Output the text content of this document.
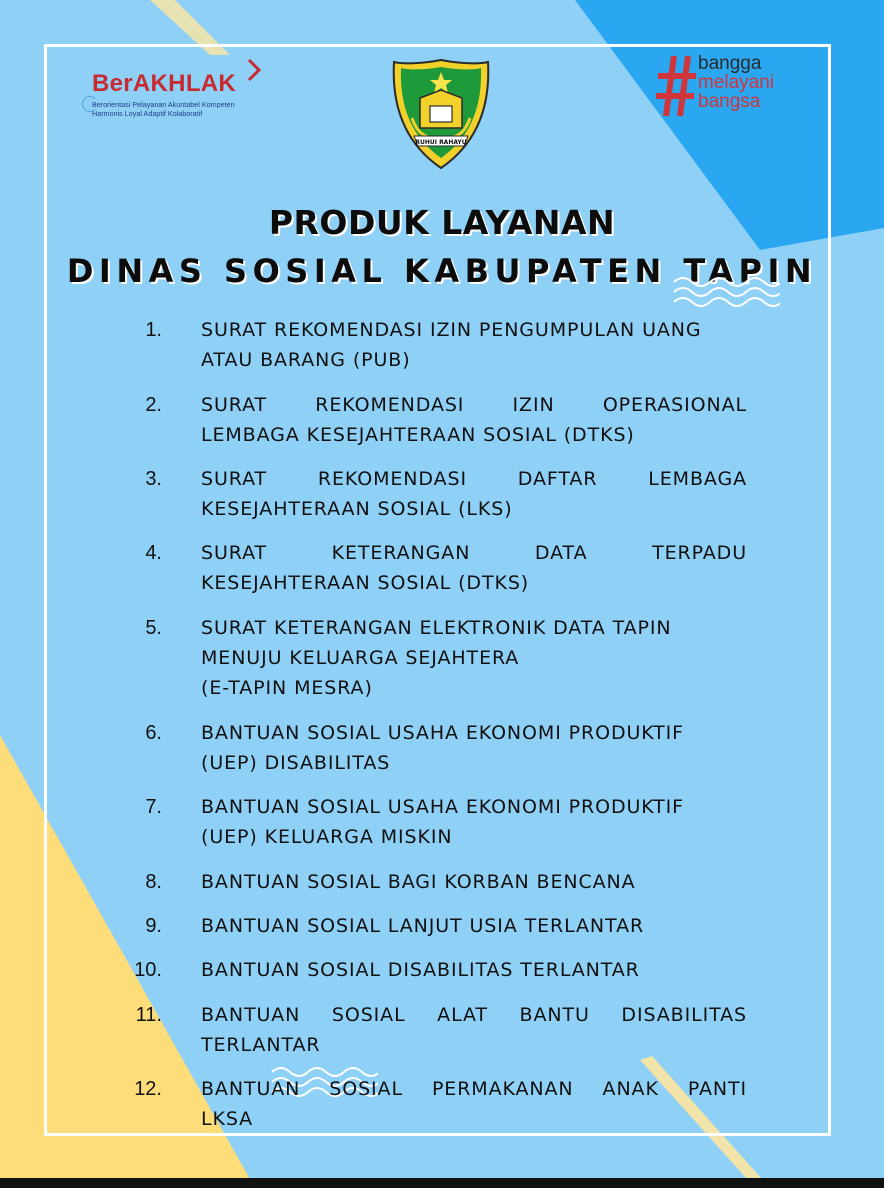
BerAKHLAK
Berorientasi Pelayanan Akuntabel Kompeten
Harmonis Loyal Adaptif Kolaboratif
RUHUI RAHAYU
bangga
melayani
bangsa
PRODUK LAYANAN
DINAS SOSIAL KABUPATEN TAPIN
1. SURAT REKOMENDASI IZIN PENGUMPULAN UANG
ATAU BARANG (PUB)
2. SURAT REKOMENDASI IZIN OPERASIONAL
LEMBAGA KESEJAHTERAAN SOSIAL (DTKS)
3. SURAT REKOMENDASI DAFTAR LEMBAGA
KESEJAHTERAAN SOSIAL (LKS)
4. SURAT KETERANGAN DATA TERPADU
KESEJAHTERAAN SOSIAL (DTKS)
5. SURAT KETERANGAN ELEKTRONIK DATA TAPIN
MENUJU KELUARGA SEJAHTERA
(E-TAPIN MESRA)
6. BANTUAN SOSIAL USAHA EKONOMI PRODUKTIF
(UEP) DISABILITAS
7. BANTUAN SOSIAL USAHA EKONOMI PRODUKTIF
(UEP) KELUARGA MISKIN
8. BANTUAN SOSIAL BAGI KORBAN BENCANA
9. BANTUAN SOSIAL LANJUT USIA TERLANTAR
10. BANTUAN SOSIAL DISABILITAS TERLANTAR
11. BANTUAN SOSIAL ALAT BANTU DISABILITAS
TERLANTAR
12. BANTUAN SOSIAL PERMAKANAN ANAK PANTI
LKSA
